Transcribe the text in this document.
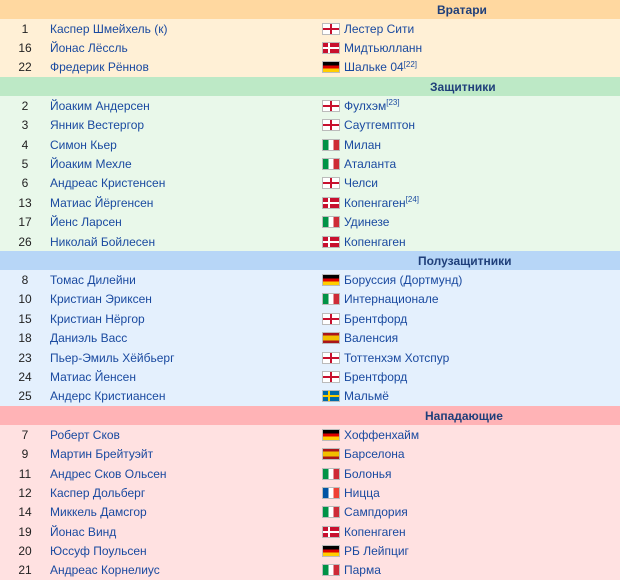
Вратари
1	Каспер Шмейхель (к)	Лестер Сити
16	Йонас Лёссль	Мидтьюлланн
22	Фредерик Рённов	Шальке 04[22]
Защитники
2	Йоаким Андерсен	Фулхэм[23]
3	Янник Вестергор	Саутгемптон
4	Симон Кьер	Милан
5	Йоаким Мехле	Аталанта
6	Андреас Кристенсен	Челси
13	Матиас Йёргенсен	Копенгаген[24]
17	Йенс Ларсен	Удинезе
26	Николай Бойлесен	Копенгаген
Полузащитники
8	Томас Дилейни	Боруссия (Дортмунд)
10	Кристиан Эриксен	Интернационале
15	Кристиан Нёргор	Брентфорд
18	Даниэль Васс	Валенсия
23	Пьер-Эмиль Хёйбьерг	Тоттенхэм Хотспур
24	Матиас Йенсен	Брентфорд
25	Андерс Кристиансен	Мальмё
Нападающие
7	Роберт Сков	Хоффенхайм
9	Мартин Брейтуэйт	Барселона
11	Андрес Сков Ольсен	Болонья
12	Каспер Дольберг	Ницца
14	Миккель Дамсгор	Сампдория
19	Йонас Винд	Копенгаген
20	Юссуф Поульсен	РБ Лейпциг
21	Андреас Корнелиус	Парма
